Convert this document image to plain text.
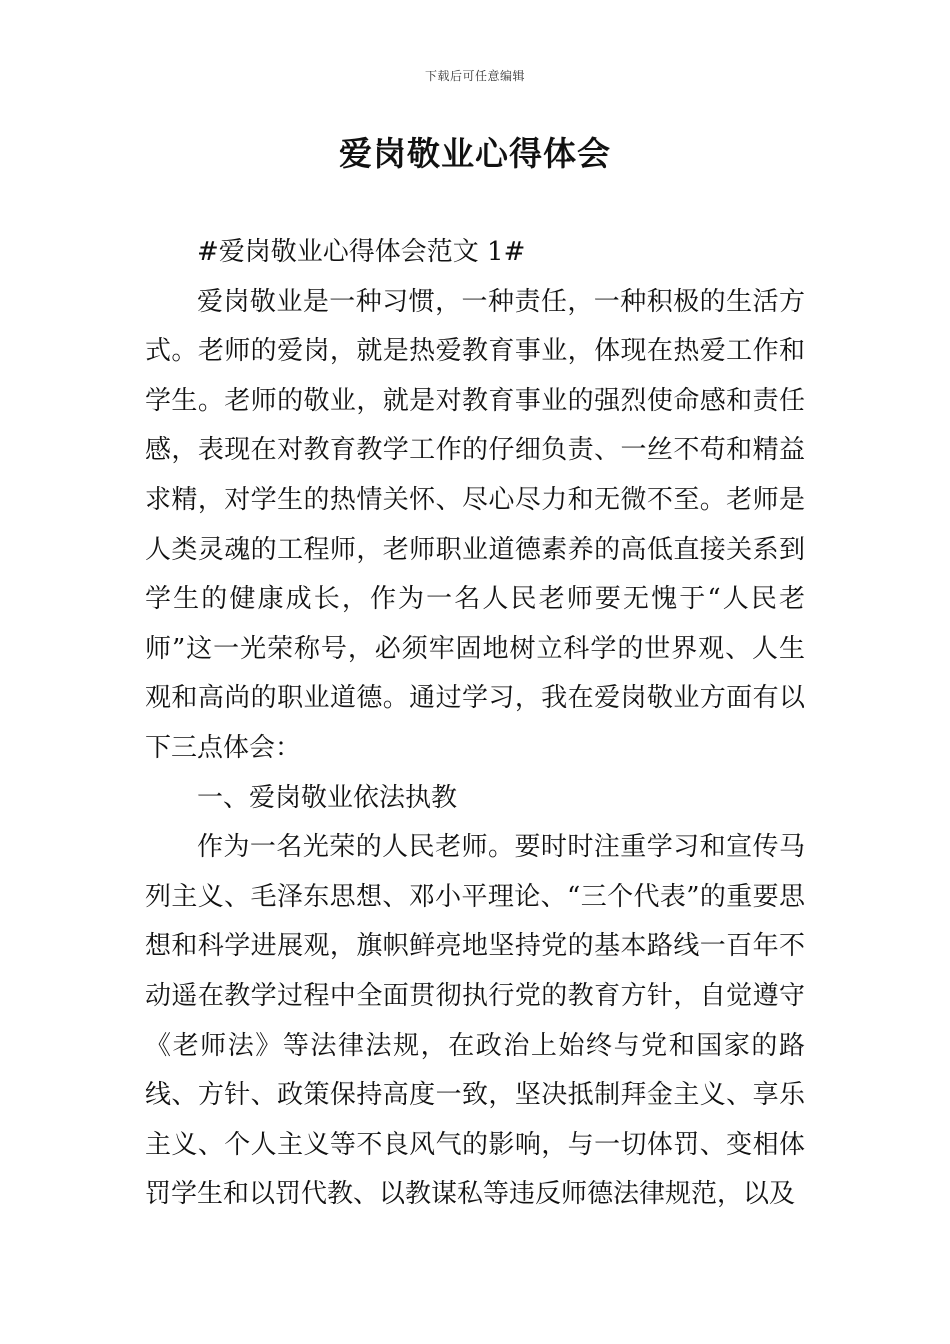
下载后可任意编辑
爱岗敬业心得体会

#爱岗敬业心得体会范文 1#

爱岗敬业是一种习惯，一种责任，一种积极的生活方式。老师的爱岗，就是热爱教育事业，体现在热爱工作和学生。老师的敬业，就是对教育事业的强烈使命感和责任感，表现在对教育教学工作的仔细负责、一丝不苟和精益求精，对学生的热情关怀、尽心尽力和无微不至。老师是人类灵魂的工程师，老师职业道德素养的高低直接关系到学生的健康成长，作为一名人民老师要无愧于“人民老师”这一光荣称号，必须牢固地树立科学的世界观、人生观和高尚的职业道德。通过学习，我在爱岗敬业方面有以下三点体会：

一、爱岗敬业依法执教

作为一名光荣的人民老师。要时时注重学习和宣传马列主义、毛泽东思想、邓小平理论、“三个代表”的重要思想和科学进展观，旗帜鲜亮地坚持党的基本路线一百年不动遥在教学过程中全面贯彻执行党的教育方针，自觉遵守《老师法》等法律法规，在政治上始终与党和国家的路线、方针、政策保持高度一致，坚决抵制拜金主义、享乐主义、个人主义等不良风气的影响，与一切体罚、变相体罚学生和以罚代教、以教谋私等违反师德法律规范，以及
